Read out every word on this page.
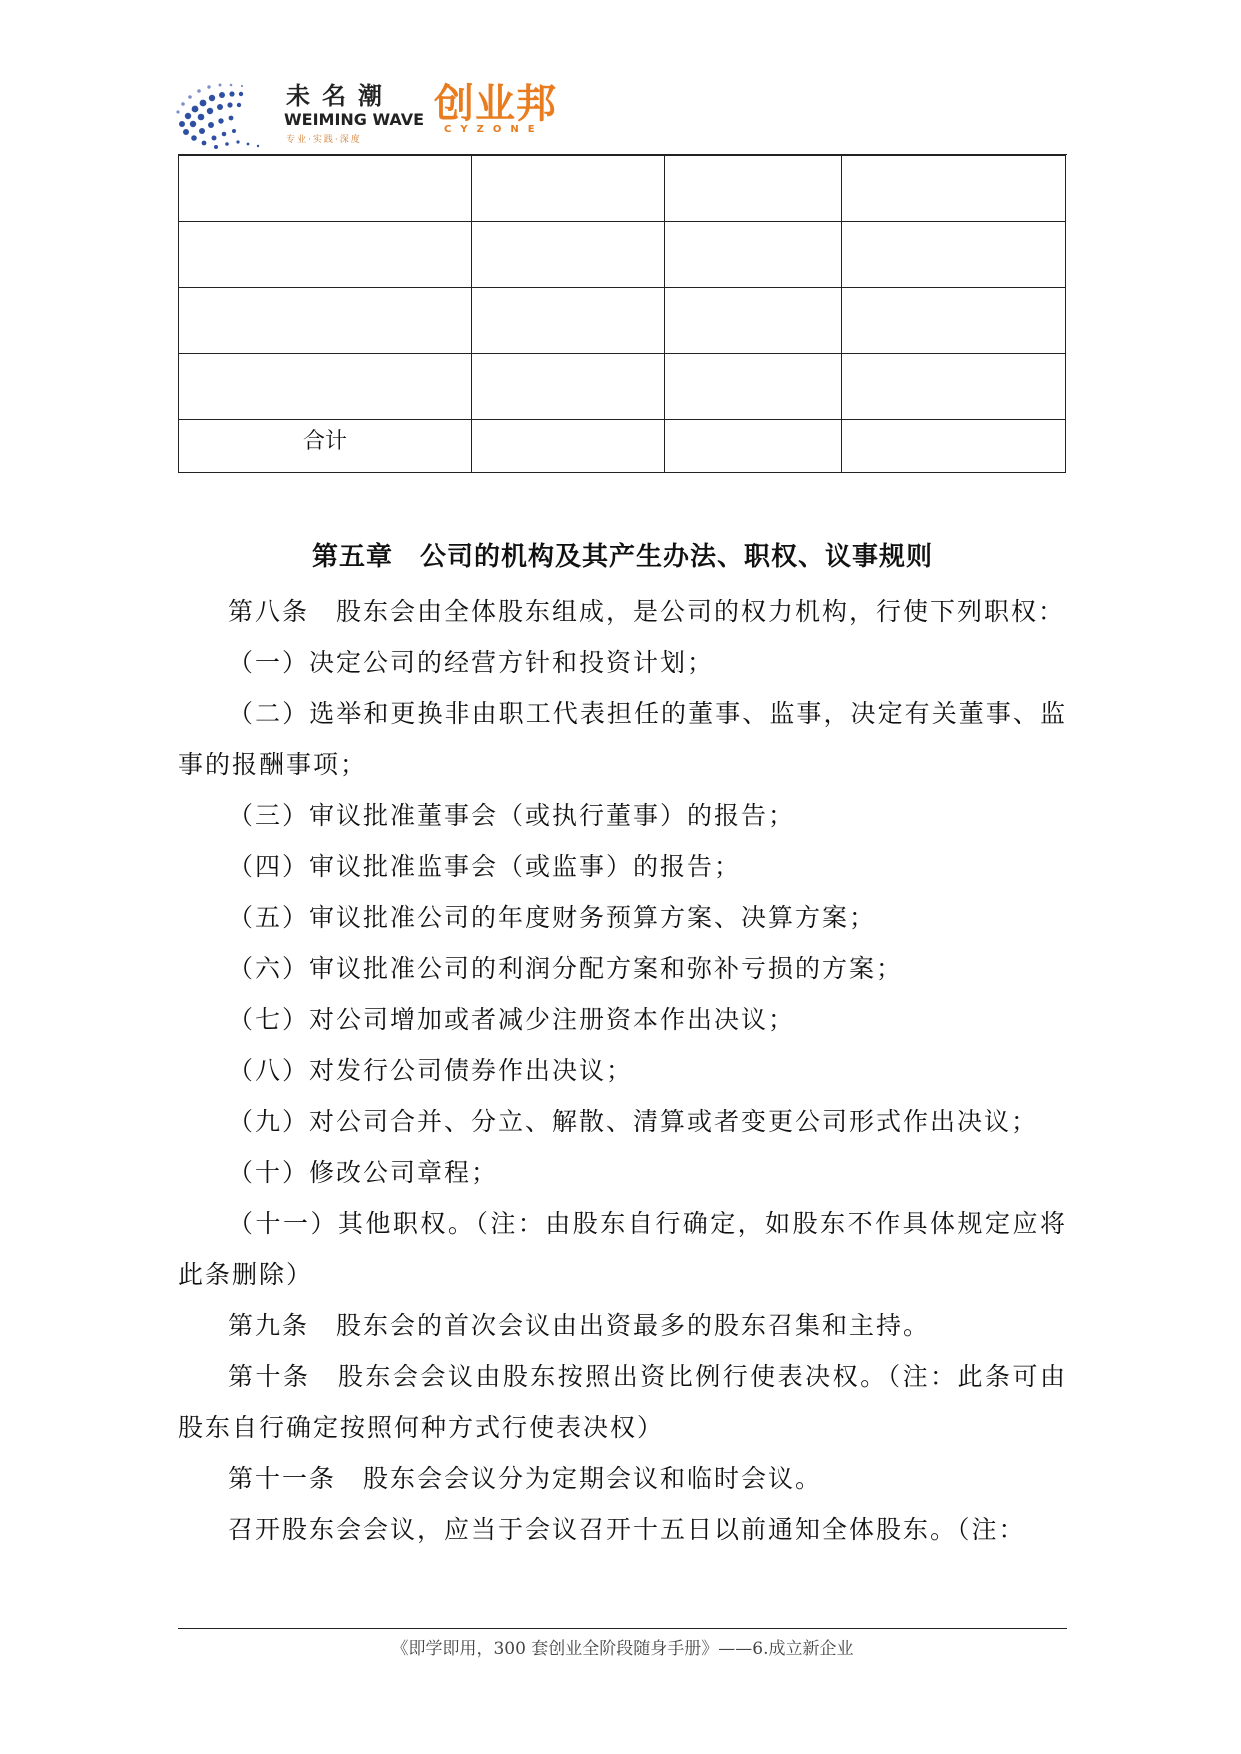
未名潮
WEIMING WAVE
专业·实践·深度
创业邦
CYZONE

合计			

第五章　公司的机构及其产生办法、职权、议事规则

第八条　股东会由全体股东组成，是公司的权力机构，行使下列职权：

（一）决定公司的经营方针和投资计划；

（二）选举和更换非由职工代表担任的董事、监事，决定有关董事、监事的报酬事项；

（三）审议批准董事会（或执行董事）的报告；

（四）审议批准监事会（或监事）的报告；

（五）审议批准公司的年度财务预算方案、决算方案；

（六）审议批准公司的利润分配方案和弥补亏损的方案；

（七）对公司增加或者减少注册资本作出决议；

（八）对发行公司债券作出决议；

（九）对公司合并、分立、解散、清算或者变更公司形式作出决议；

（十）修改公司章程；

（十一）其他职权。（注：由股东自行确定，如股东不作具体规定应将此条删除）

第九条　股东会的首次会议由出资最多的股东召集和主持。

第十条　股东会会议由股东按照出资比例行使表决权。（注：此条可由股东自行确定按照何种方式行使表决权）

第十一条　股东会会议分为定期会议和临时会议。

召开股东会会议，应当于会议召开十五日以前通知全体股东。（注：

《即学即用，300 套创业全阶段随身手册》——6.成立新企业
